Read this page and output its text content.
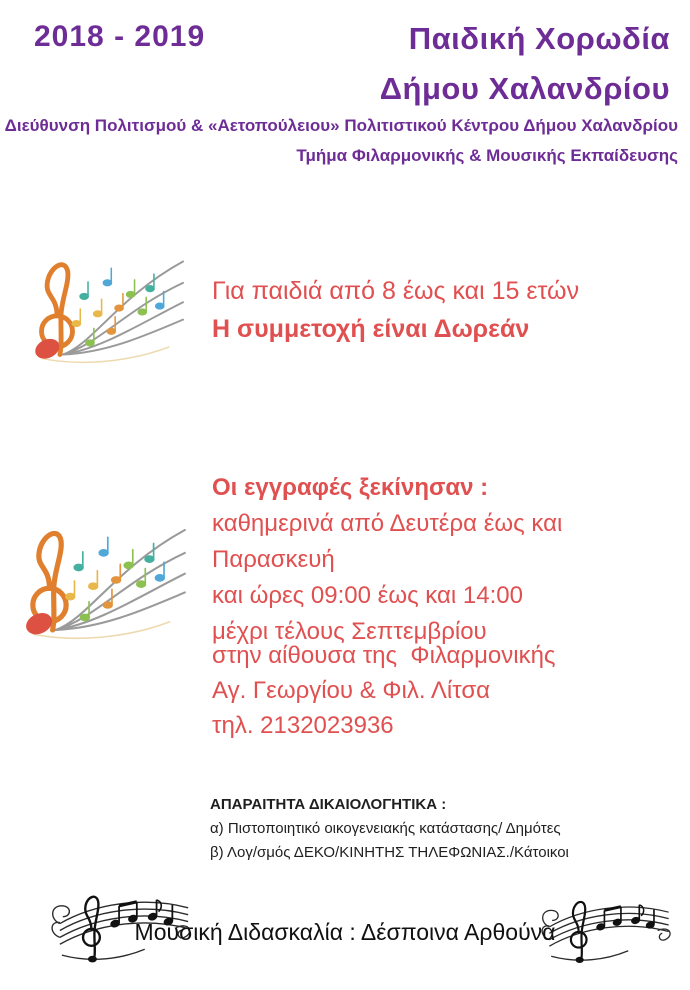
2018 - 2019	Παιδική Χορωδία
Δήμου Χαλανδρίου
Διεύθυνση Πολιτισμού & «Αετοπούλειου» Πολιτιστικού Κέντρου Δήμου Χαλανδρίου
Τμήμα Φιλαρμονικής & Μουσικής Εκπαίδευσης
Για παιδιά από 8 έως και 15 ετών
Η συμμετοχή είναι Δωρεάν
Οι εγγραφές ξεκίνησαν :
καθημερινά από Δευτέρα έως και Παρασκευή
και ώρες 09:00 έως και 14:00
μέχρι τέλους Σεπτεμβρίου
στην αίθουσα της  Φιλαρμονικής
Αγ. Γεωργίου & Φιλ. Λίτσα
τηλ. 2132023936
ΑΠΑΡΑΙΤΗΤΑ ΔΙΚΑΙΟΛΟΓΗΤΙΚΑ :
α) Πιστοποιητικό οικογενειακής κατάστασης/ Δημότες
β) Λογ/σμός ΔΕΚΟ/ΚΙΝΗΤΗΣ ΤΗΛΕΦΩΝΙΑΣ./Κάτοικοι
Μουσική Διδασκαλία : Δέσποινα Αρθούνα
